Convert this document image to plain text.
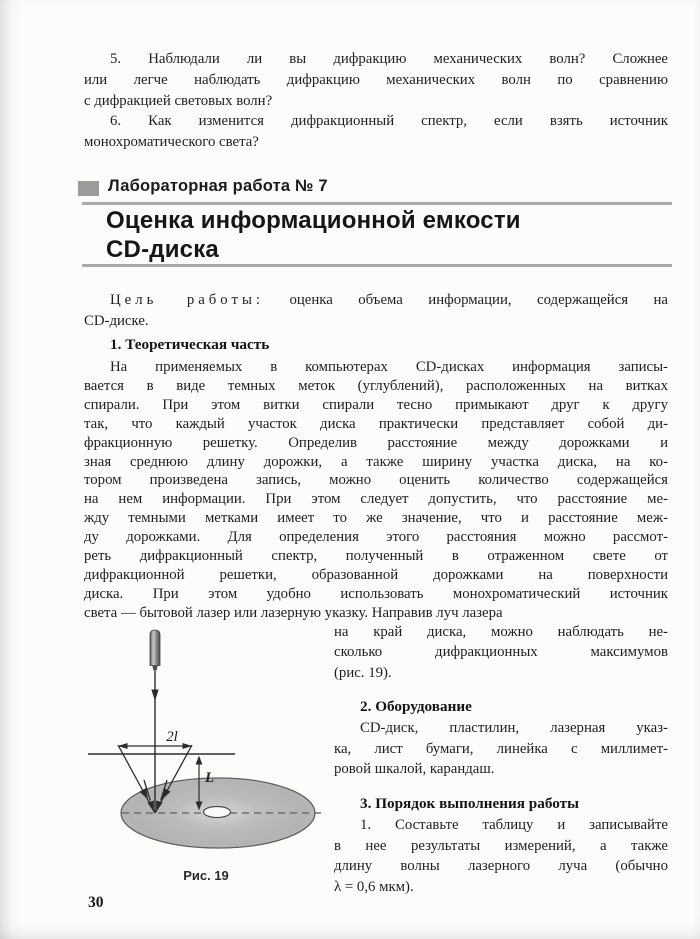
5. Наблюдали ли вы дифракцию механических волн? Сложнее
или легче наблюдать дифракцию механических волн по сравнению
с дифракцией световых волн?
6. Как изменится дифракционный спектр, если взять источник
монохроматического света?
Лабораторная работа № 7
Оценка информационной емкости
CD-диска
Цель работы: оценка объема информации, содержащейся на
CD-диске.
1. Теоретическая часть
На применяемых в компьютерах CD-дисках информация записы-
вается в виде темных меток (углублений), расположенных на витках
спирали. При этом витки спирали тесно примыкают друг к другу
так, что каждый участок диска практически представляет собой ди-
фракционную решетку. Определив расстояние между дорожками и
зная среднюю длину дорожки, а также ширину участка диска, на ко-
тором произведена запись, можно оценить количество содержащейся
на нем информации. При этом следует допустить, что расстояние ме-
жду темными метками имеет то же значение, что и расстояние меж-
ду дорожками. Для определения этого расстояния можно рассмот-
реть дифракционный спектр, полученный в отраженном свете от
дифракционной решетки, образованной дорожками на поверхности
диска. При этом удобно использовать монохроматический источник
света — бытовой лазер или лазерную указку. Направив луч лазера
2l
L
Рис. 19
на край диска, можно наблюдать не-
сколько дифракционных максимумов
(рис. 19).
2. Оборудование
CD-диск, пластилин, лазерная указ-
ка, лист бумаги, линейка с миллимет-
ровой шкалой, карандаш.
3. Порядок выполнения работы
1. Составьте таблицу и записывайте
в нее результаты измерений, а также
длину волны лазерного луча (обычно
λ = 0,6 мкм).
30
